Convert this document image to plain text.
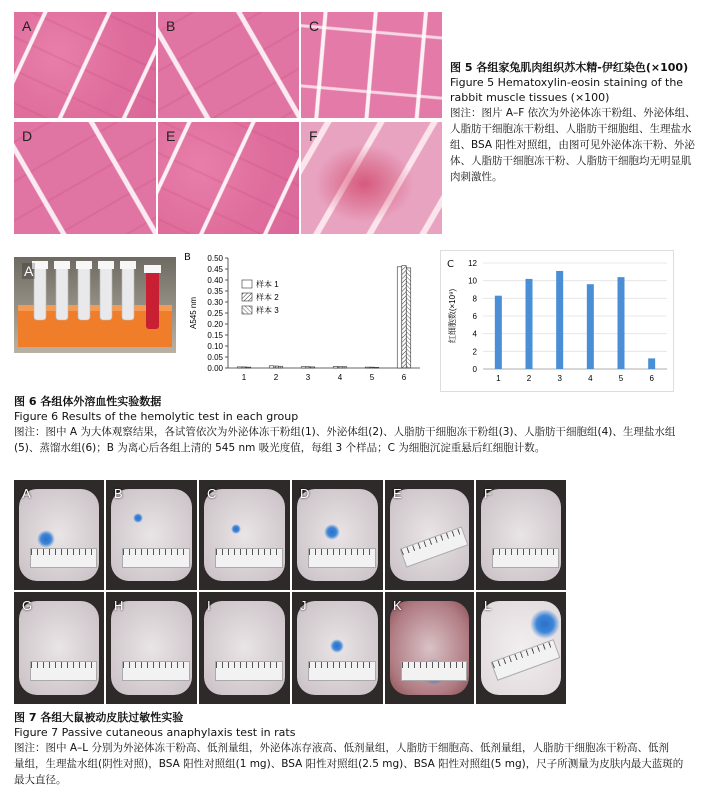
A	B	C
D	E	F
图 5 各组家兔肌肉组织苏木精-伊红染色(×100)
Figure 5 Hematoxylin-eosin staining of the
rabbit muscle tissues (×100)
图注：图片 A–F 依次为外泌体冻干粉组、外泌体组、人脂肪干细胞冻干粉组、人脂肪干细胞组、生理盐水组、BSA 阳性对照组，由图可见外泌体冻干粉、外泌体、人脂肪干细胞冻干粉、人脂肪干细胞均无明显肌肉刺激性。
A
B
0.00
0.05
0.10
0.15
0.20
0.25
0.30
0.35
0.40
0.45
0.50
A545 nm
1	2	3	4	5	6
样本 1
样本 2
样本 3
C
0
2
4
6
8
10
12
红细胞数(×10⁹)
1	2	3	4	5	6
图 6 各组体外溶血性实验数据
Figure 6 Results of the hemolytic test in each group
图注：图中 A 为大体观察结果，各试管依次为外泌体冻干粉组(1)、外泌体组(2)、人脂肪干细胞冻干粉组(3)、人脂肪干细胞组(4)、生理盐水组
(5)、蒸馏水组(6)；B 为离心后各组上清的 545 nm 吸光度值，每组 3 个样品；C 为细胞沉淀重悬后红细胞计数。
A	B	C	D	E	F
G	H	I	J	K	L
图 7 各组大鼠被动皮肤过敏性实验
Figure 7 Passive cutaneous anaphylaxis test in rats
图注：图中 A–L 分别为外泌体冻干粉高、低剂量组，外泌体冻存液高、低剂量组，人脂肪干细胞高、低剂量组，人脂肪干细胞冻干粉高、低剂
量组，生理盐水组(阴性对照)，BSA 阳性对照组(1 mg)、BSA 阳性对照组(2.5 mg)、BSA 阳性对照组(5 mg)，尺子所测量为皮肤内最大蓝斑的
最大直径。
